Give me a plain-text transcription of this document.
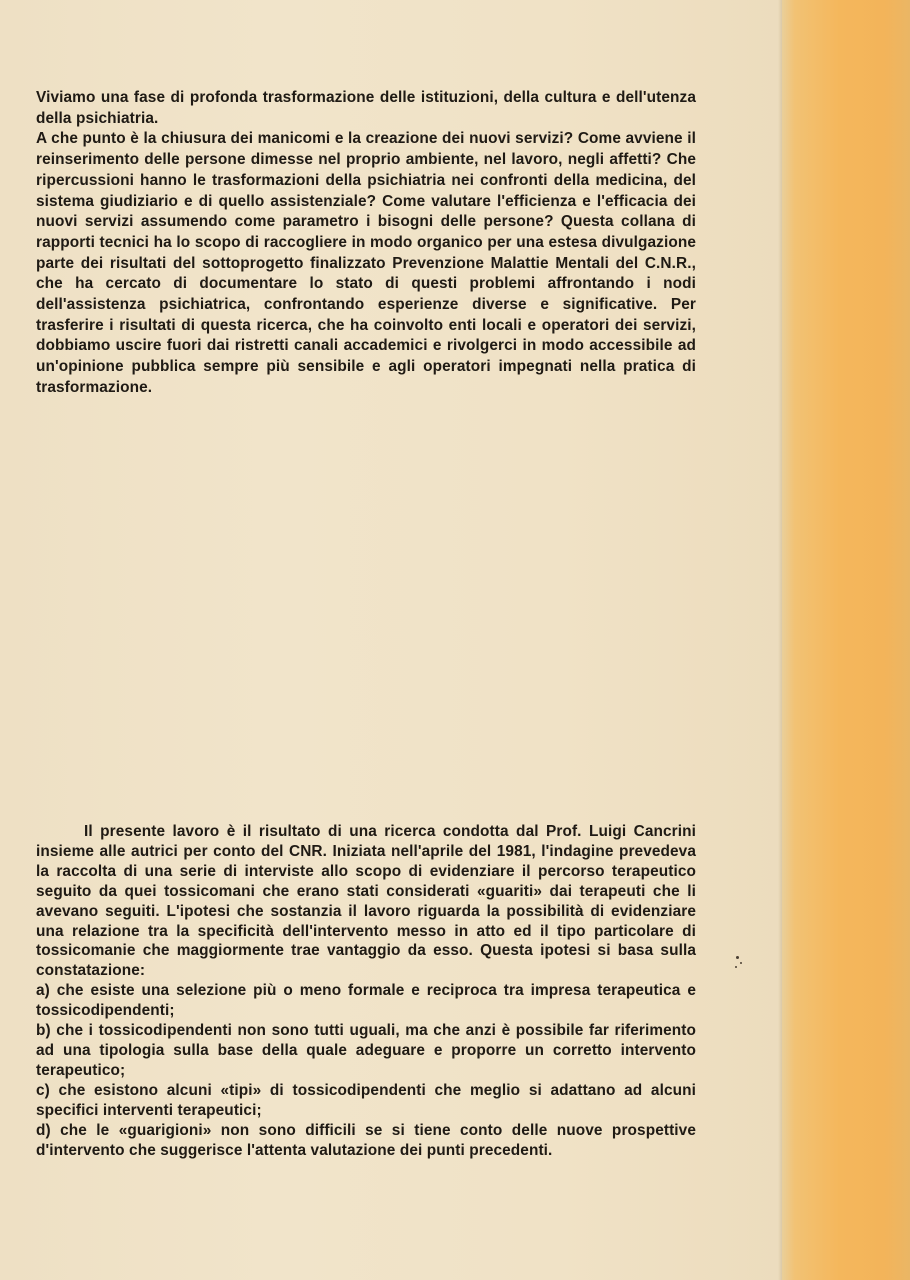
Viviamo una fase di profonda trasformazione delle istituzioni, della cultura e dell'utenza della psichiatria.

A che punto è la chiusura dei manicomi e la creazione dei nuovi servizi? Come avviene il reinserimento delle persone dimesse nel proprio ambiente, nel lavoro, negli affetti? Che ripercussioni hanno le trasformazioni della psichiatria nei confronti della medicina, del sistema giudiziario e di quello assistenziale? Come valutare l'efficienza e l'efficacia dei nuovi servizi assumendo come parametro i bisogni delle persone? Questa collana di rapporti tecnici ha lo scopo di raccogliere in modo organico per una estesa divulgazione parte dei risultati del sottoprogetto finalizzato Prevenzione Malattie Mentali del C.N.R., che ha cercato di documentare lo stato di questi problemi affrontando i nodi dell'assistenza psichiatrica, confrontando esperienze diverse e significative. Per trasferire i risultati di questa ricerca, che ha coinvolto enti locali e operatori dei servizi, dobbiamo uscire fuori dai ristretti canali accademici e rivolgerci in modo accessibile ad un'opinione pubblica sempre più sensibile e agli operatori impegnati nella pratica di trasformazione.

Il presente lavoro è il risultato di una ricerca condotta dal Prof. Luigi Cancrini insieme alle autrici per conto del CNR. Iniziata nell'aprile del 1981, l'indagine prevedeva la raccolta di una serie di interviste allo scopo di evidenziare il percorso terapeutico seguito da quei tossicomani che erano stati considerati «guariti» dai terapeuti che li avevano seguiti. L'ipotesi che sostanzia il lavoro riguarda la possibilità di evidenziare una relazione tra la specificità dell'intervento messo in atto ed il tipo particolare di tossicomanie che maggiormente trae vantaggio da esso. Questa ipotesi si basa sulla constatazione:

a) che esiste una selezione più o meno formale e reciproca tra impresa terapeutica e tossicodipendenti;

b) che i tossicodipendenti non sono tutti uguali, ma che anzi è possibile far riferimento ad una tipologia sulla base della quale adeguare e proporre un corretto intervento terapeutico;

c) che esistono alcuni «tipi» di tossicodipendenti che meglio si adattano ad alcuni specifici interventi terapeutici;

d) che le «guarigioni» non sono difficili se si tiene conto delle nuove prospettive d'intervento che suggerisce l'attenta valutazione dei punti precedenti.
